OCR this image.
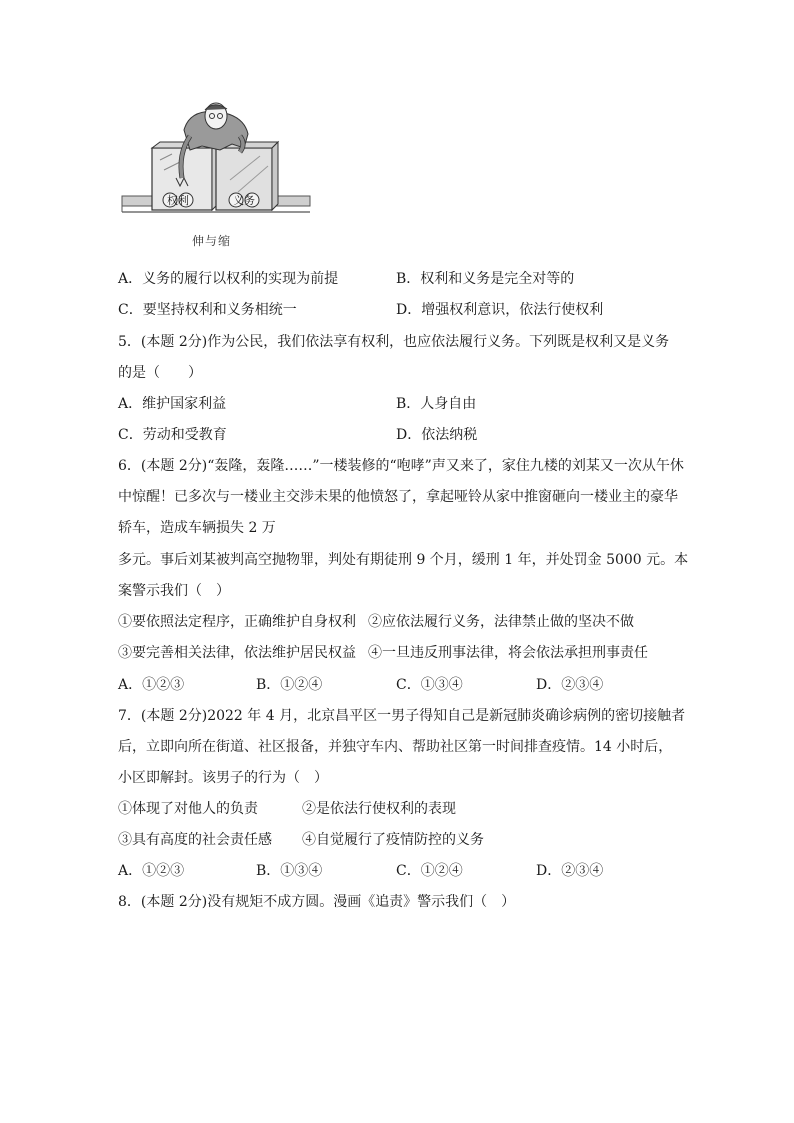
权利	义务
伸与缩
A．义务的履行以权利的实现为前提	B．权利和义务是完全对等的
C．要坚持权利和义务相统一	D．增强权利意识，依法行使权利
5．(本题 2分)作为公民，我们依法享有权利，也应依法履行义务。下列既是权利又是义务
的是（　　）
A．维护国家利益	B．人身自由
C．劳动和受教育	D．依法纳税
6．(本题 2分)“轰隆，轰隆……”一楼装修的“咆哮”声又来了，家住九楼的刘某又一次从午休
中惊醒！已多次与一楼业主交涉未果的他愤怒了，拿起哑铃从家中推窗砸向一楼业主的豪华
轿车，造成车辆损失 2 万
多元。事后刘某被判高空抛物罪，判处有期徒刑 9 个月，缓刑 1 年，并处罚金 5000 元。本
案警示我们（　）
①要依照法定程序，正确维护自身权利 ②应依法履行义务，法律禁止做的坚决不做
③要完善相关法律，依法维护居民权益 ④一旦违反刑事法律，将会依法承担刑事责任
A．①②③	B．①②④	C．①③④	D．②③④
7．(本题 2分)2022 年 4 月，北京昌平区一男子得知自己是新冠肺炎确诊病例的密切接触者
后，立即向所在街道、社区报备，并独守车内、帮助社区第一时间排查疫情。14 小时后，
小区即解封。该男子的行为（　）
①体现了对他人的负责	②是依法行使权利的表现
③具有高度的社会责任感 ④自觉履行了疫情防控的义务
A．①②③	B．①③④	C．①②④	D．②③④
8．(本题 2分)没有规矩不成方圆。漫画《追责》警示我们（　）
